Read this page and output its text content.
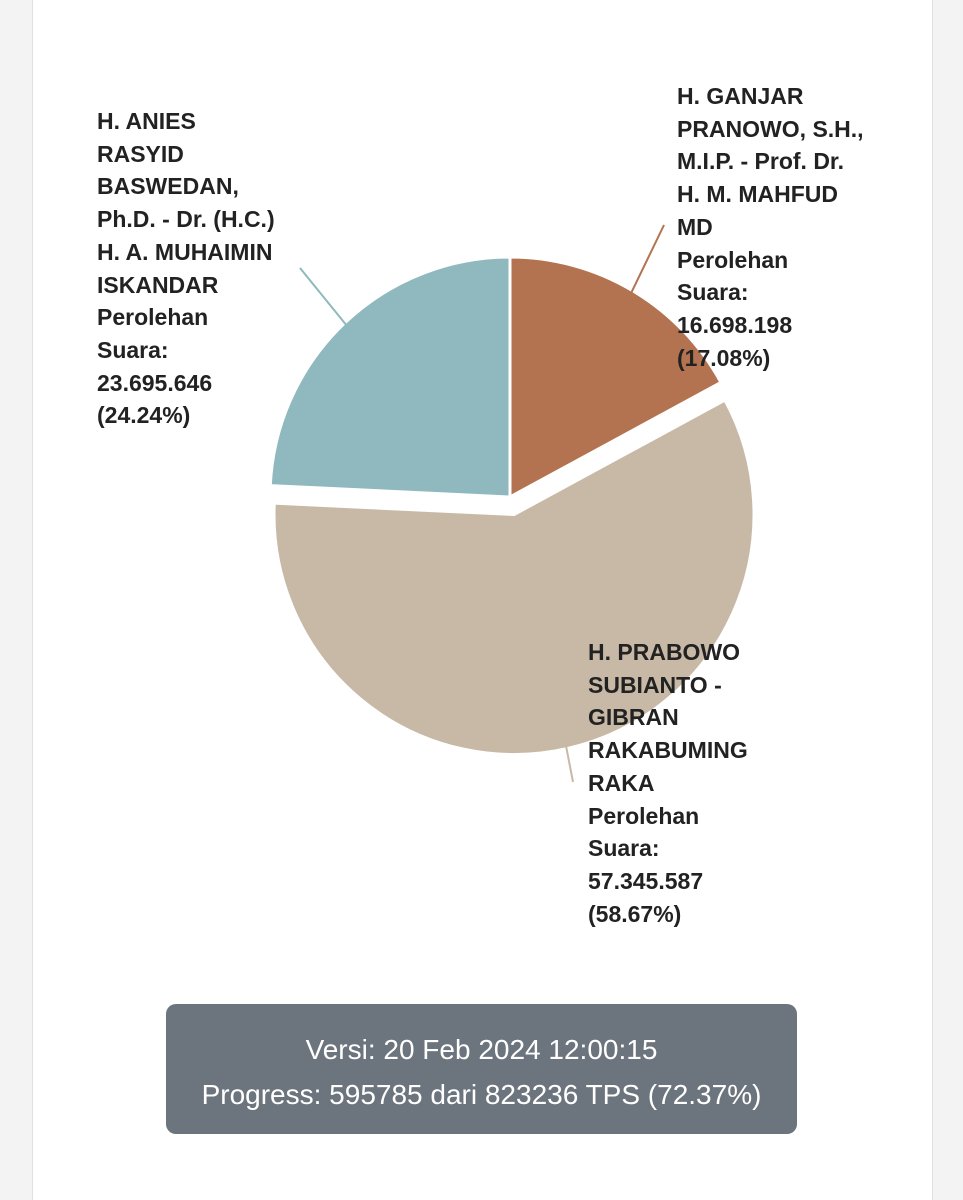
H. ANIES
RASYID
BASWEDAN,
Ph.D. - Dr. (H.C.)
H. A. MUHAIMIN
ISKANDAR
Perolehan
Suara:
23.695.646
(24.24%)
H. GANJAR
PRANOWO, S.H.,
M.I.P. - Prof. Dr.
H. M. MAHFUD
MD
Perolehan
Suara:
16.698.198
(17.08%)
H. PRABOWO
SUBIANTO -
GIBRAN
RAKABUMING
RAKA
Perolehan
Suara:
57.345.587
(58.67%)
Versi: 20 Feb 2024 12:00:15
Progress: 595785 dari 823236 TPS (72.37%)
